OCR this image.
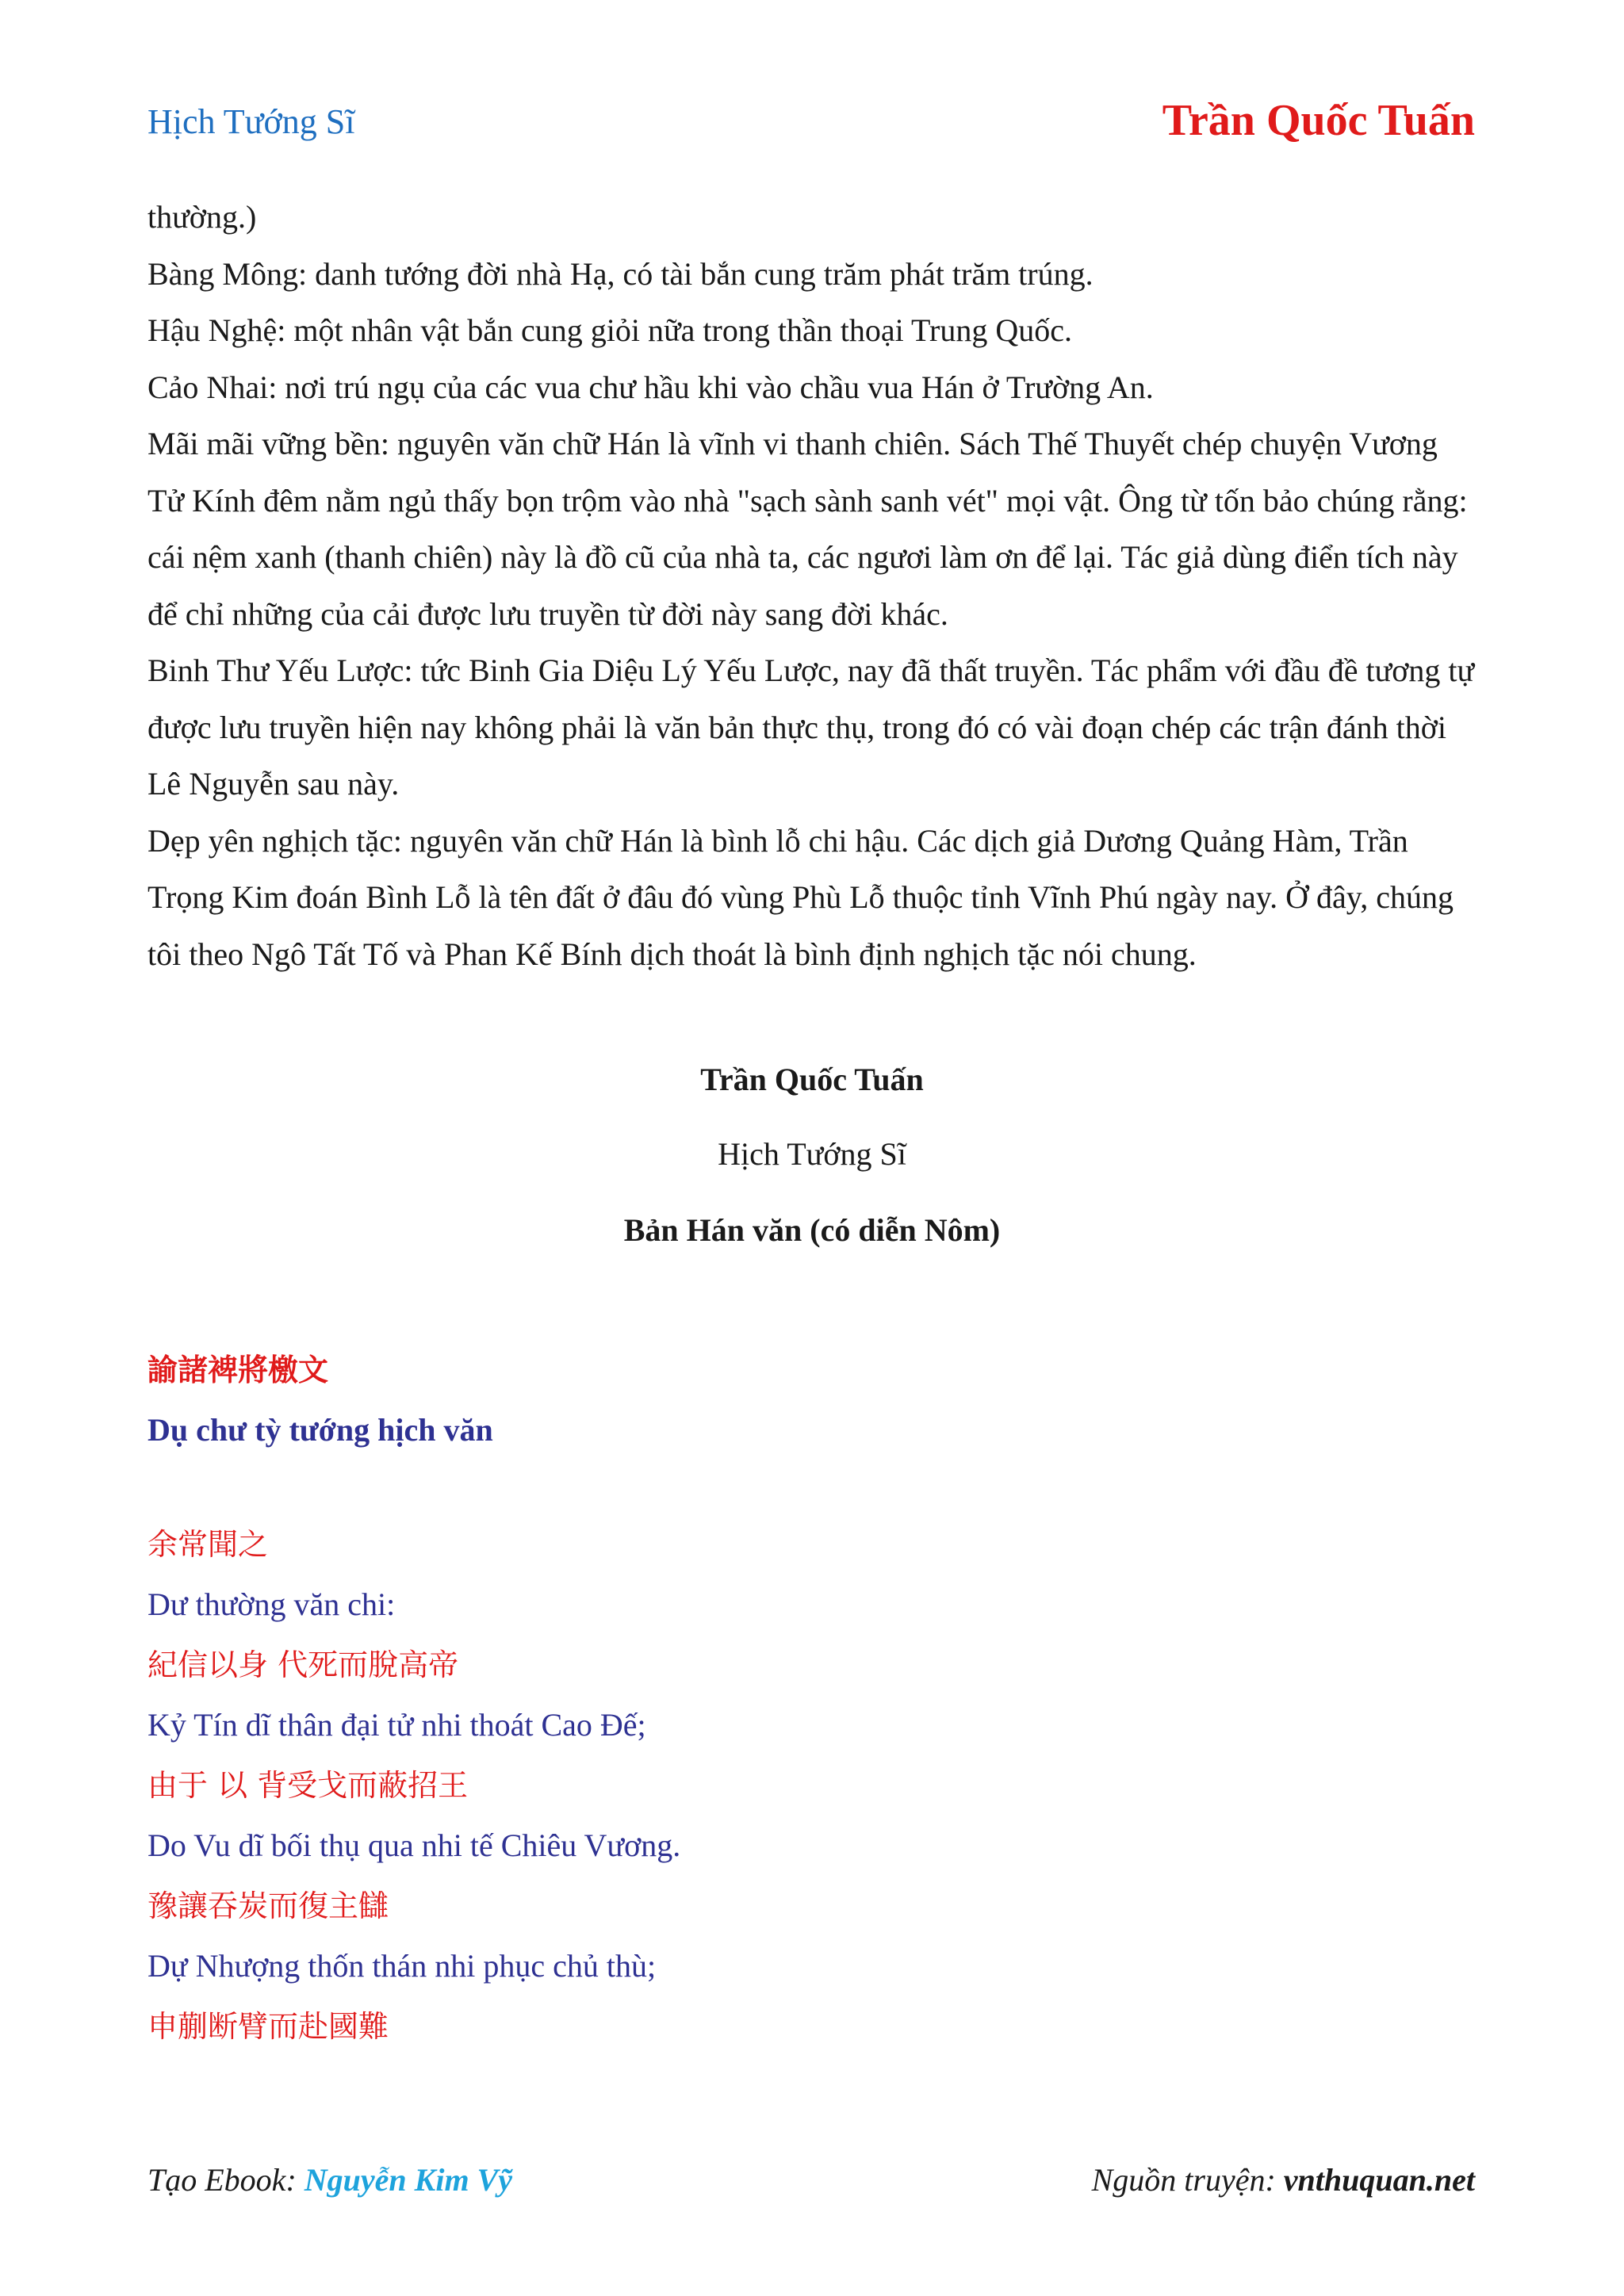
Hịch Tướng Sĩ	Trần Quốc Tuấn

thường.)

Bàng Mông: danh tướng đời nhà Hạ, có tài bắn cung trăm phát trăm trúng.

Hậu Nghệ: một nhân vật bắn cung giỏi nữa trong thần thoại Trung Quốc.

Cảo Nhai: nơi trú ngụ của các vua chư hầu khi vào chầu vua Hán ở Trường An.

Mãi mãi vững bền: nguyên văn chữ Hán là vĩnh vi thanh chiên. Sách Thế Thuyết chép chuyện Vương Tử Kính đêm nằm ngủ thấy bọn trộm vào nhà "sạch sành sanh vét" mọi vật. Ông từ tốn bảo chúng rằng: cái nệm xanh (thanh chiên) này là đồ cũ của nhà ta, các ngươi làm ơn để lại. Tác giả dùng điển tích này để chỉ những của cải được lưu truyền từ đời này sang đời khác.

Binh Thư Yếu Lược: tức Binh Gia Diệu Lý Yếu Lược, nay đã thất truyền. Tác phẩm với đầu đề tương tự được lưu truyền hiện nay không phải là văn bản thực thụ, trong đó có vài đoạn chép các trận đánh thời Lê Nguyễn sau này.

Dẹp yên nghịch tặc: nguyên văn chữ Hán là bình lỗ chi hậu. Các dịch giả Dương Quảng Hàm, Trần Trọng Kim đoán Bình Lỗ là tên đất ở đâu đó vùng Phù Lỗ thuộc tỉnh Vĩnh Phú ngày nay. Ở đây, chúng tôi theo Ngô Tất Tố và Phan Kế Bính dịch thoát là bình định nghịch tặc nói chung.

Trần Quốc Tuấn
Hịch Tướng Sĩ
Bản Hán văn (có diễn Nôm)

諭諸裨將檄文

Dụ chư tỳ tướng hịch văn

余常聞之

Dư thường văn chi:

紀信以身 代死而脫高帝

Kỷ Tín dĩ thân đại tử nhi thoát Cao Đế;

由于 以 背受戈而蔽招王

Do Vu dĩ bối thụ qua nhi tế Chiêu Vương.

豫讓吞炭而復主讎

Dự Nhượng thốn thán nhi phục chủ thù;

申蒯断臂而赴國難

Tạo Ebook: Nguyễn Kim Vỹ	Nguồn truyện: vnthuquan.net
